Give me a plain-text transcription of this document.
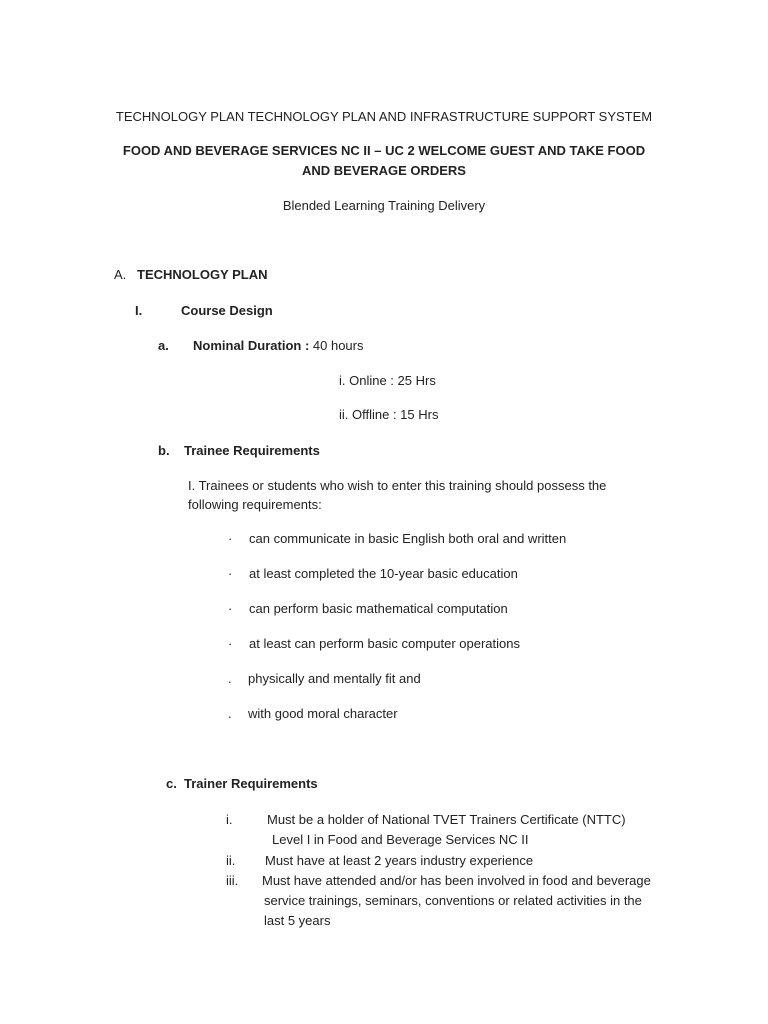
TECHNOLOGY PLAN TECHNOLOGY PLAN AND INFRASTRUCTURE SUPPORT SYSTEM
FOOD AND BEVERAGE SERVICES NC II – UC 2 WELCOME GUEST AND TAKE FOOD
AND BEVERAGE ORDERS
Blended Learning Training Delivery
A. TECHNOLOGY PLAN
I.	Course Design
a. Nominal Duration : 40 hours
i. Online : 25 Hrs
ii. Offline : 15 Hrs
b. Trainee Requirements
I. Trainees or students who wish to enter this training should possess the
following requirements:
· can communicate in basic English both oral and written
· at least completed the 10-year basic education
· can perform basic mathematical computation
· at least can perform basic computer operations
. physically and mentally fit and
. with good moral character
c. Trainer Requirements
i.	Must be a holder of National TVET Trainers Certificate (NTTC)
Level I in Food and Beverage Services NC II
ii. Must have at least 2 years industry experience
iii. Must have attended and/or has been involved in food and beverage
service trainings, seminars, conventions or related activities in the
last 5 years
